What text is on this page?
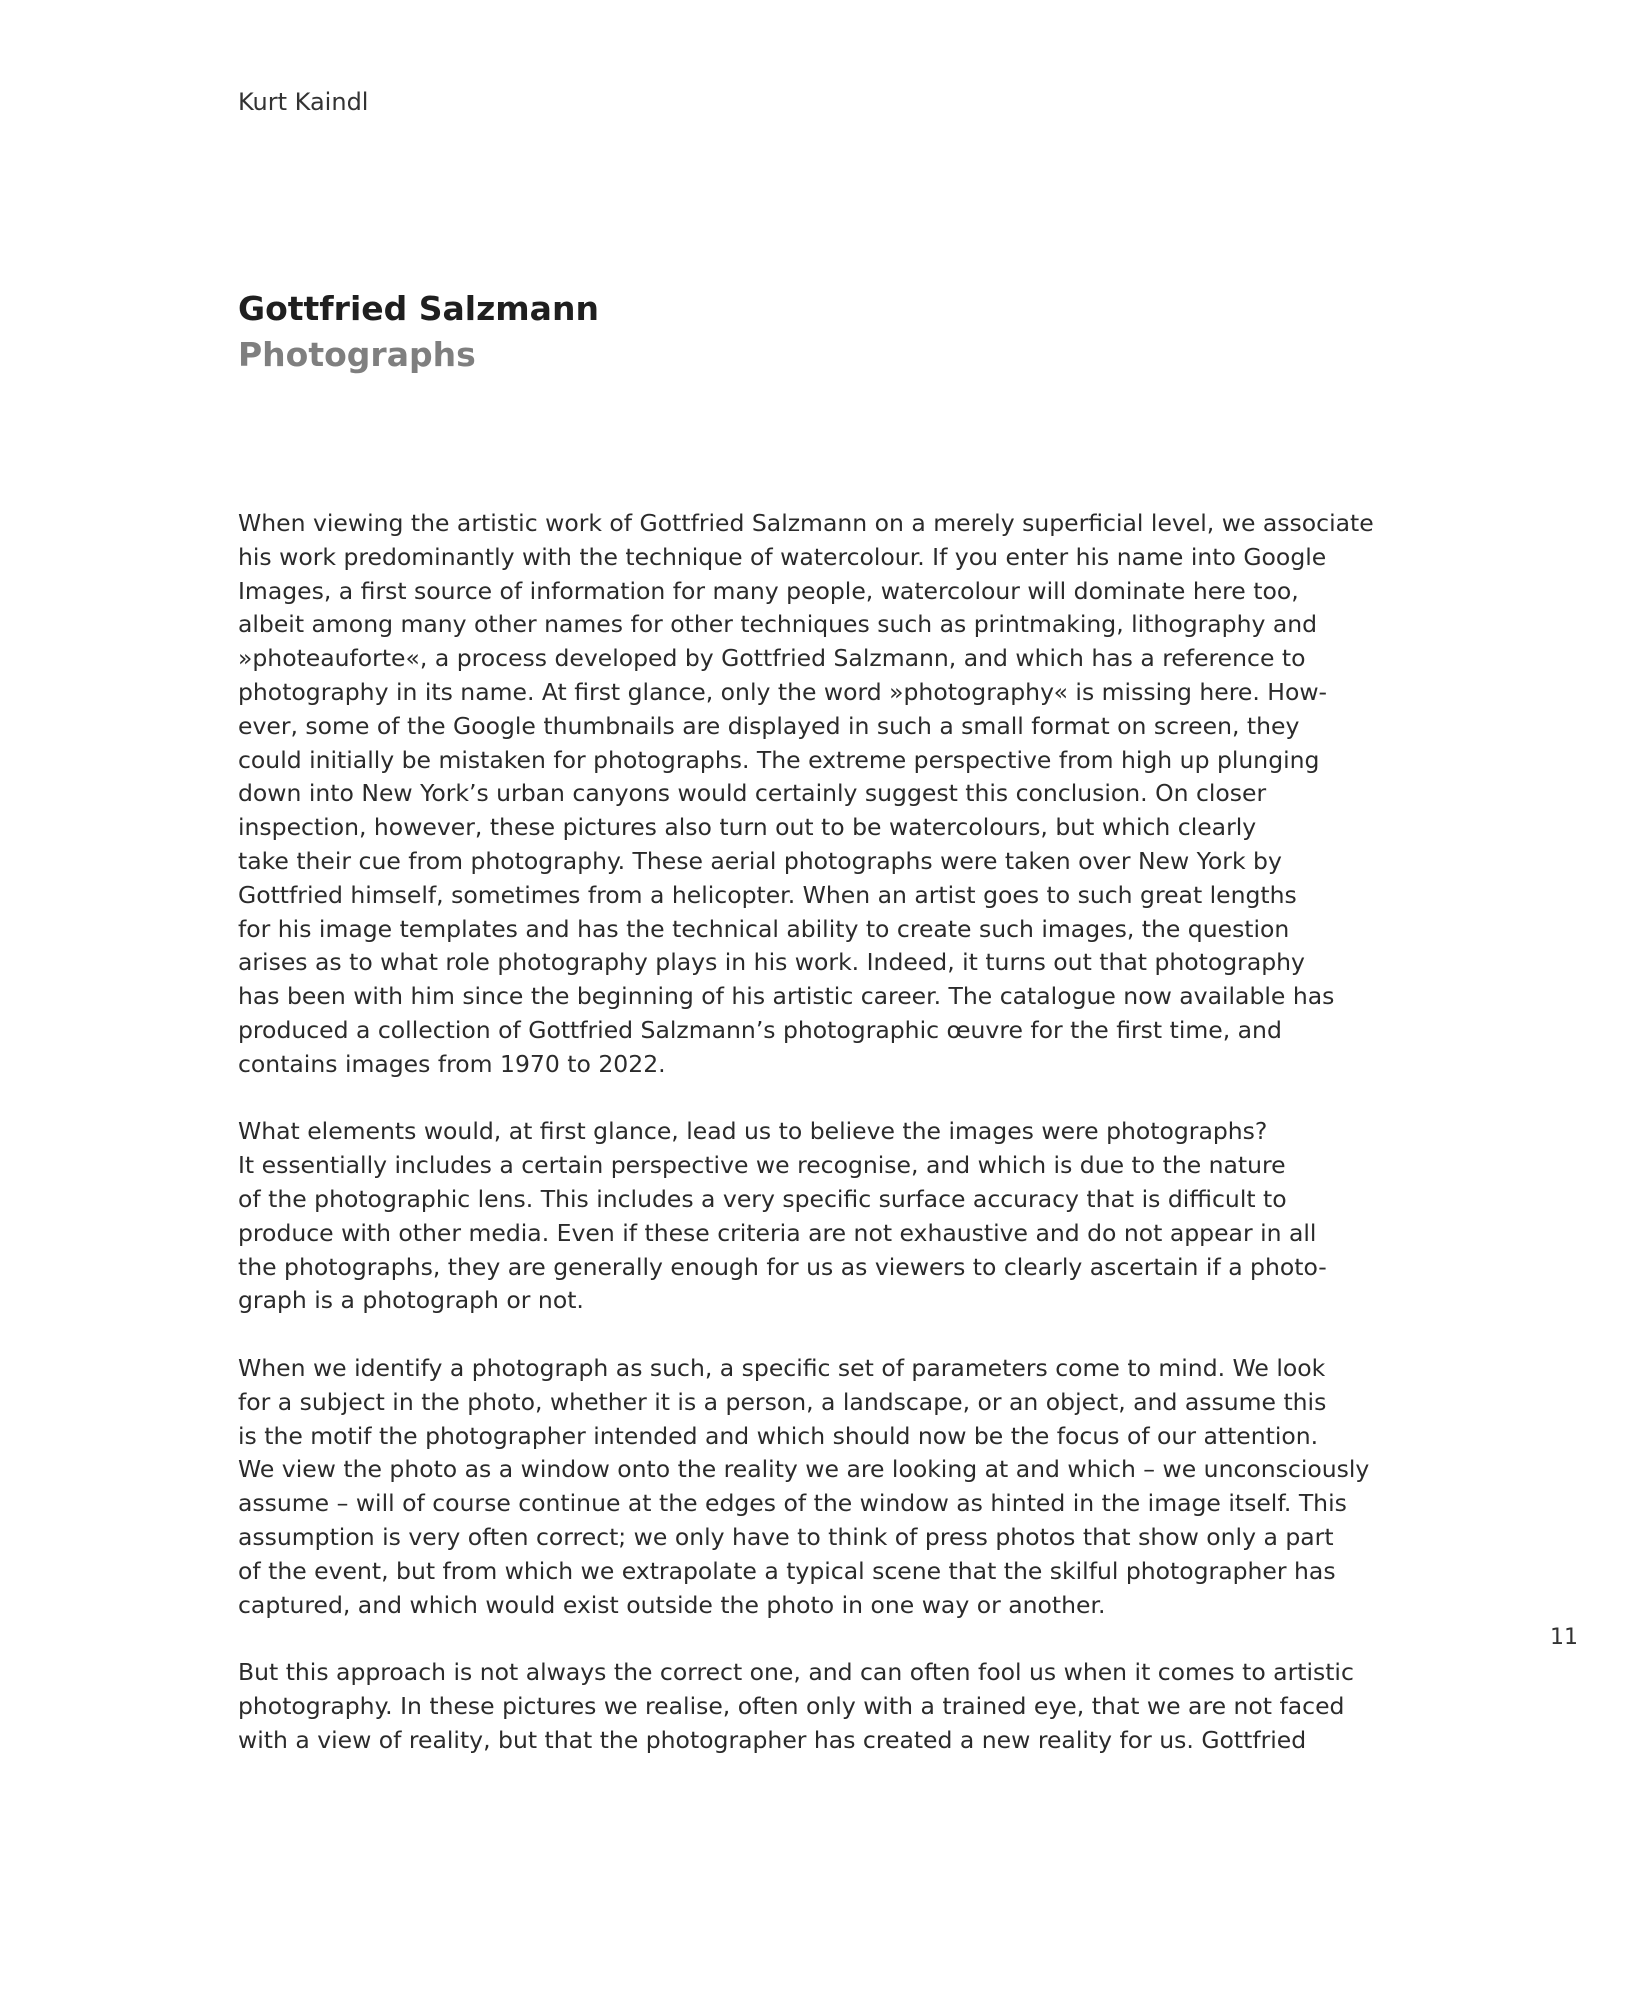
Kurt Kaindl
Gottfried Salzmann
Photographs
When viewing the artistic work of Gottfried Salzmann on a merely superficial level, we associate
his work predominantly with the technique of watercolour. If you enter his name into Google
Images, a first source of information for many people, watercolour will dominate here too,
albeit among many other names for other techniques such as printmaking, lithography and
»photeauforte«, a process developed by Gottfried Salzmann, and which has a reference to
photography in its name. At first glance, only the word »photography« is missing here. How-
ever, some of the Google thumbnails are displayed in such a small format on screen, they
could initially be mistaken for photographs. The extreme perspective from high up plunging
down into New York’s urban canyons would certainly suggest this conclusion. On closer
inspection, however, these pictures also turn out to be watercolours, but which clearly
take their cue from photography. These aerial photographs were taken over New York by
Gottfried himself, sometimes from a helicopter. When an artist goes to such great lengths
for his image templates and has the technical ability to create such images, the question
arises as to what role photography plays in his work. Indeed, it turns out that photography
has been with him since the beginning of his artistic career. The catalogue now available has
produced a collection of Gottfried Salzmann’s photographic œuvre for the first time, and
contains images from 1970 to 2022.
What elements would, at first glance, lead us to believe the images were photographs?
It essentially includes a certain perspective we recognise, and which is due to the nature
of the photographic lens. This includes a very specific surface accuracy that is difficult to
produce with other media. Even if these criteria are not exhaustive and do not appear in all
the photographs, they are generally enough for us as viewers to clearly ascertain if a photo-
graph is a photograph or not.
When we identify a photograph as such, a specific set of parameters come to mind. We look
for a subject in the photo, whether it is a person, a landscape, or an object, and assume this
is the motif the photographer intended and which should now be the focus of our attention.
We view the photo as a window onto the reality we are looking at and which – we unconsciously
assume – will of course continue at the edges of the window as hinted in the image itself. This
assumption is very often correct; we only have to think of press photos that show only a part
of the event, but from which we extrapolate a typical scene that the skilful photographer has
captured, and which would exist outside the photo in one way or another.
But this approach is not always the correct one, and can often fool us when it comes to artistic
photography. In these pictures we realise, often only with a trained eye, that we are not faced
with a view of reality, but that the photographer has created a new reality for us. Gottfried
11
